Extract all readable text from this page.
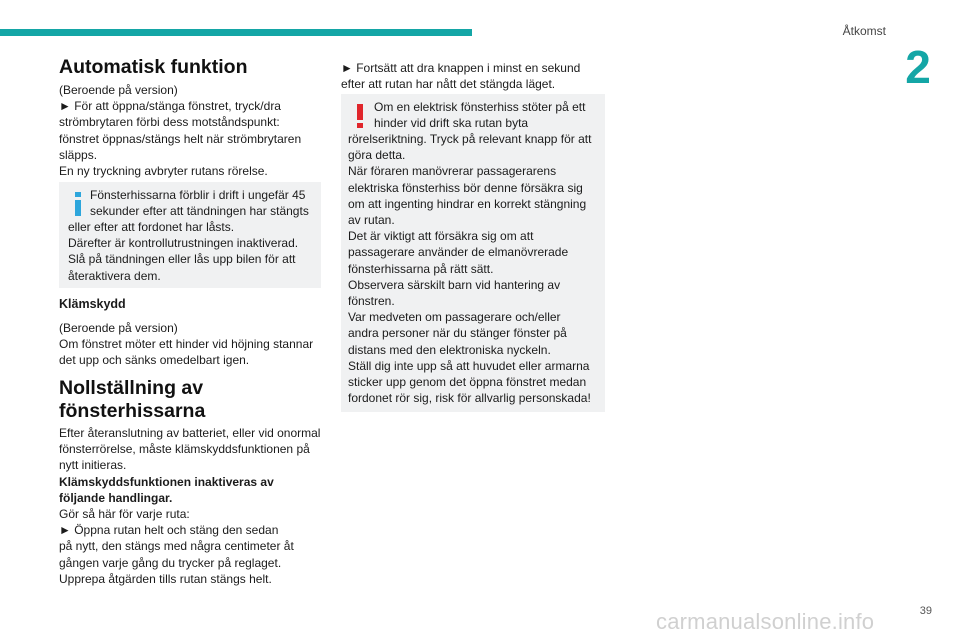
Åtkomst
2
Automatisk funktion

(Beroende på version)
► För att öppna/stänga fönstret, tryck/dra
strömbrytaren förbi dess motståndspunkt:
fönstret öppnas/stängs helt när strömbrytaren
släpps.
En ny tryckning avbryter rutans rörelse.

Fönsterhissarna förblir i drift i ungefär 45
sekunder efter att tändningen har stängts

eller efter att fordonet har låsts.
Därefter är kontrollutrustningen inaktiverad.
Slå på tändningen eller lås upp bilen för att
återaktivera dem.

Klämskydd

(Beroende på version)
Om fönstret möter ett hinder vid höjning stannar
det upp och sänks omedelbart igen.

Nollställning av
fönsterhissarna

Efter återanslutning av batteriet, eller vid onormal
fönsterrörelse, måste klämskyddsfunktionen på
nytt initieras.

Klämskyddsfunktionen inaktiveras av
följande handlingar.

Gör så här för varje ruta:
► Öppna rutan helt och stäng den sedan
på nytt, den stängs med några centimeter åt
gången varje gång du trycker på reglaget.
Upprepa åtgärden tills rutan stängs helt.

► Fortsätt att dra knappen i minst en sekund
efter att rutan har nått det stängda läget.

Om en elektrisk fönsterhiss stöter på ett
hinder vid drift ska rutan byta

rörelseriktning. Tryck på relevant knapp för att
göra detta.
När föraren manövrerar passagerarens
elektriska fönsterhiss bör denne försäkra sig
om att ingenting hindrar en korrekt stängning
av rutan.
Det är viktigt att försäkra sig om att
passagerare använder de elmanövrerade
fönsterhissarna på rätt sätt.
Observera särskilt barn vid hantering av
fönstren.
Var medveten om passagerare och/eller
andra personer när du stänger fönster på
distans med den elektroniska nyckeln.
Ställ dig inte upp så att huvudet eller armarna
sticker upp genom det öppna fönstret medan
fordonet rör sig, risk för allvarlig personskada!

39
carmanualsonline.info
